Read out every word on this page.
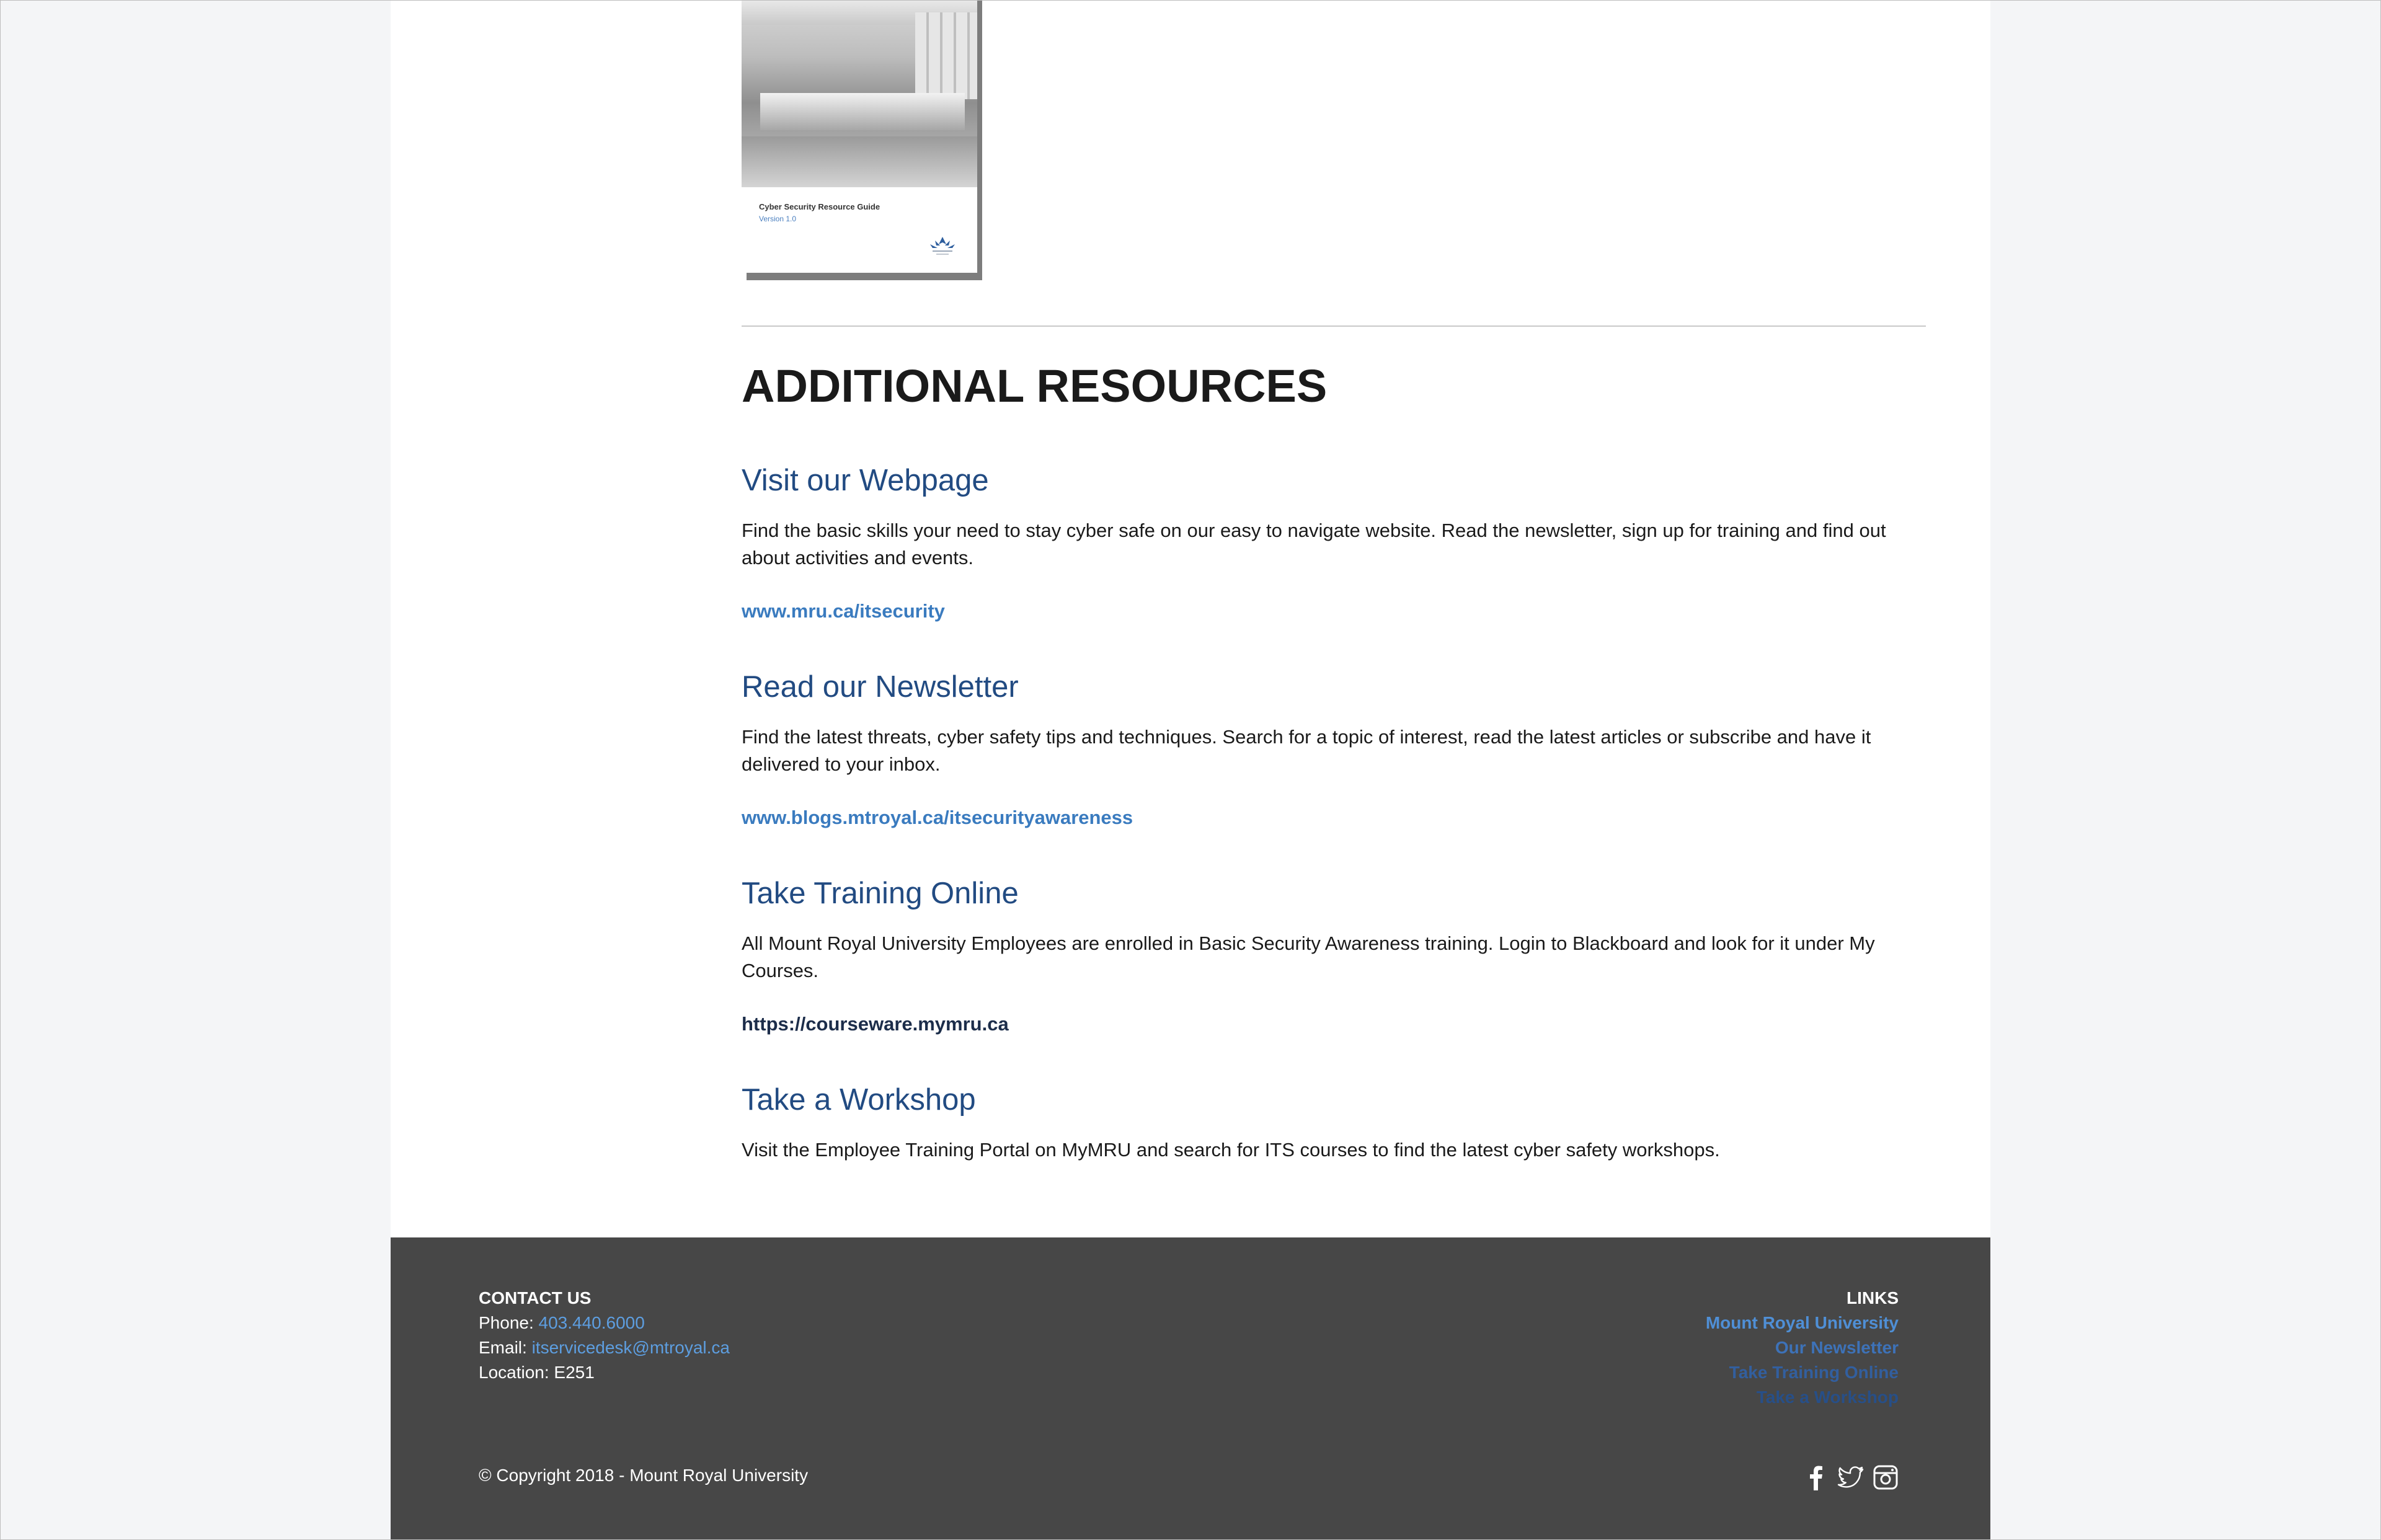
Cyber Security Resource Guide
Version 1.0
ADDITIONAL RESOURCES
Visit our Webpage

Find the basic skills your need to stay cyber safe on our easy to navigate website. Read the newsletter, sign up for training and find out about activities and events.

www.mru.ca/itsecurity
Read our Newsletter

Find the latest threats, cyber safety tips and techniques. Search for a topic of interest, read the latest articles or subscribe and have it delivered to your inbox.

www.blogs.mtroyal.ca/itsecurityawareness
Take Training Online

All Mount Royal University Employees are enrolled in Basic Security Awareness training. Login to Blackboard and look for it under My Courses.

https://courseware.mymru.ca
Take a Workshop

Visit the Employee Training Portal on MyMRU and search for ITS courses to find the latest cyber safety workshops.

CONTACT US
Phone: 403.440.6000
Email: itservicedesk@mtroyal.ca
Location: E251
LINKS
Mount Royal University
Our Newsletter
Take Training Online
Take a Workshop
© Copyright 2018 - Mount Royal University
